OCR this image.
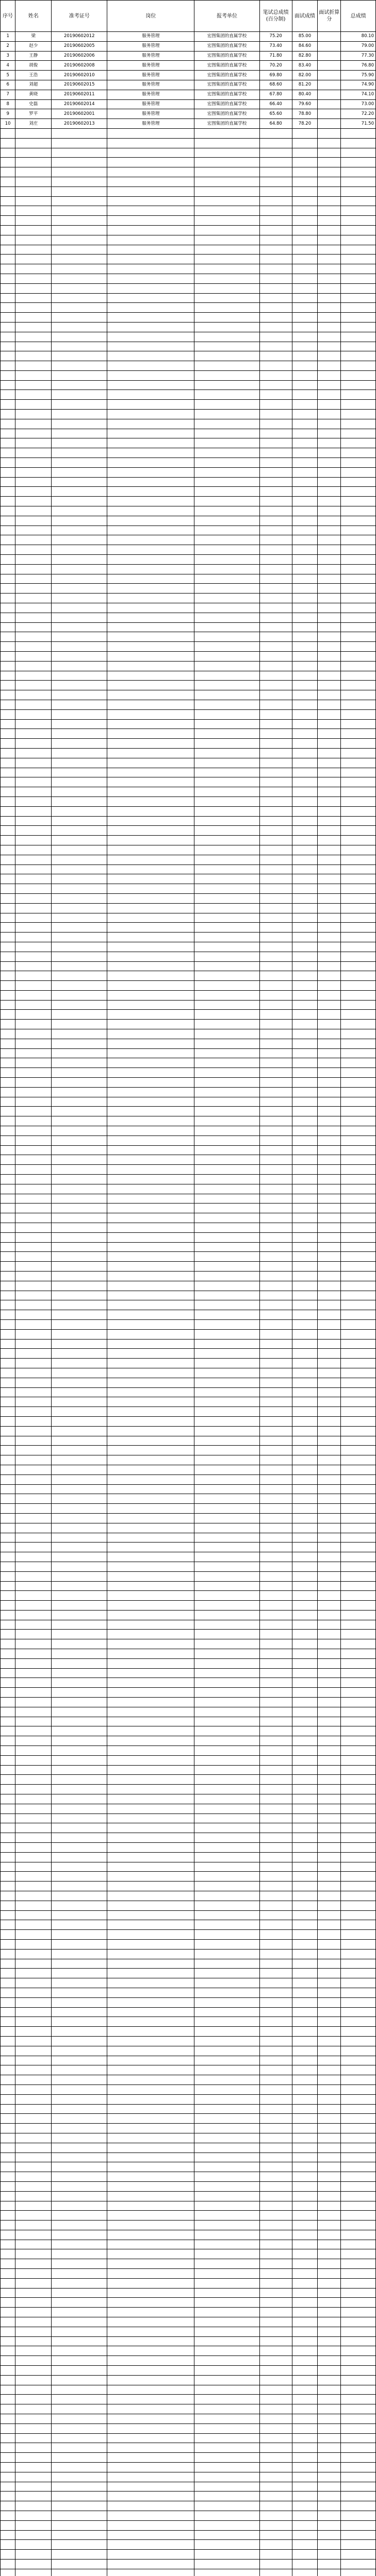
序号	姓名	准考证号	岗位	报考单位	笔试总成绩(百分制)	面试成绩	面试折算分	总成绩
1	梁	20190602012	服务管理	宏图集团的直属学校	75.20	85.00		80.10
2	赵少	20190602005	服务管理	宏图集团的直属学校	73.40	84.60		79.00
3	王静	20190602006	服务管理	宏图集团的直属学校	71.80	82.80		77.30
4	胡俊	20190602008	服务管理	宏图集团的直属学校	70.20	83.40		76.80
5	王浩	20190602010	服务管理	宏图集团的直属学校	69.80	82.00		75.90
6	刘超	20190602015	服务管理	宏图集团的直属学校	68.60	81.20		74.90
7	黄晓	20190602011	服务管理	宏图集团的直属学校	67.80	80.40		74.10
8	史磊	20190602014	服务管理	宏图集团的直属学校	66.40	79.60		73.00
9	罗平	20190602001	服务管理	宏图集团的直属学校	65.60	78.80		72.20
10	刘庄	20190602013	服务管理	宏图集团的直属学校	64.80	78.20		71.50
